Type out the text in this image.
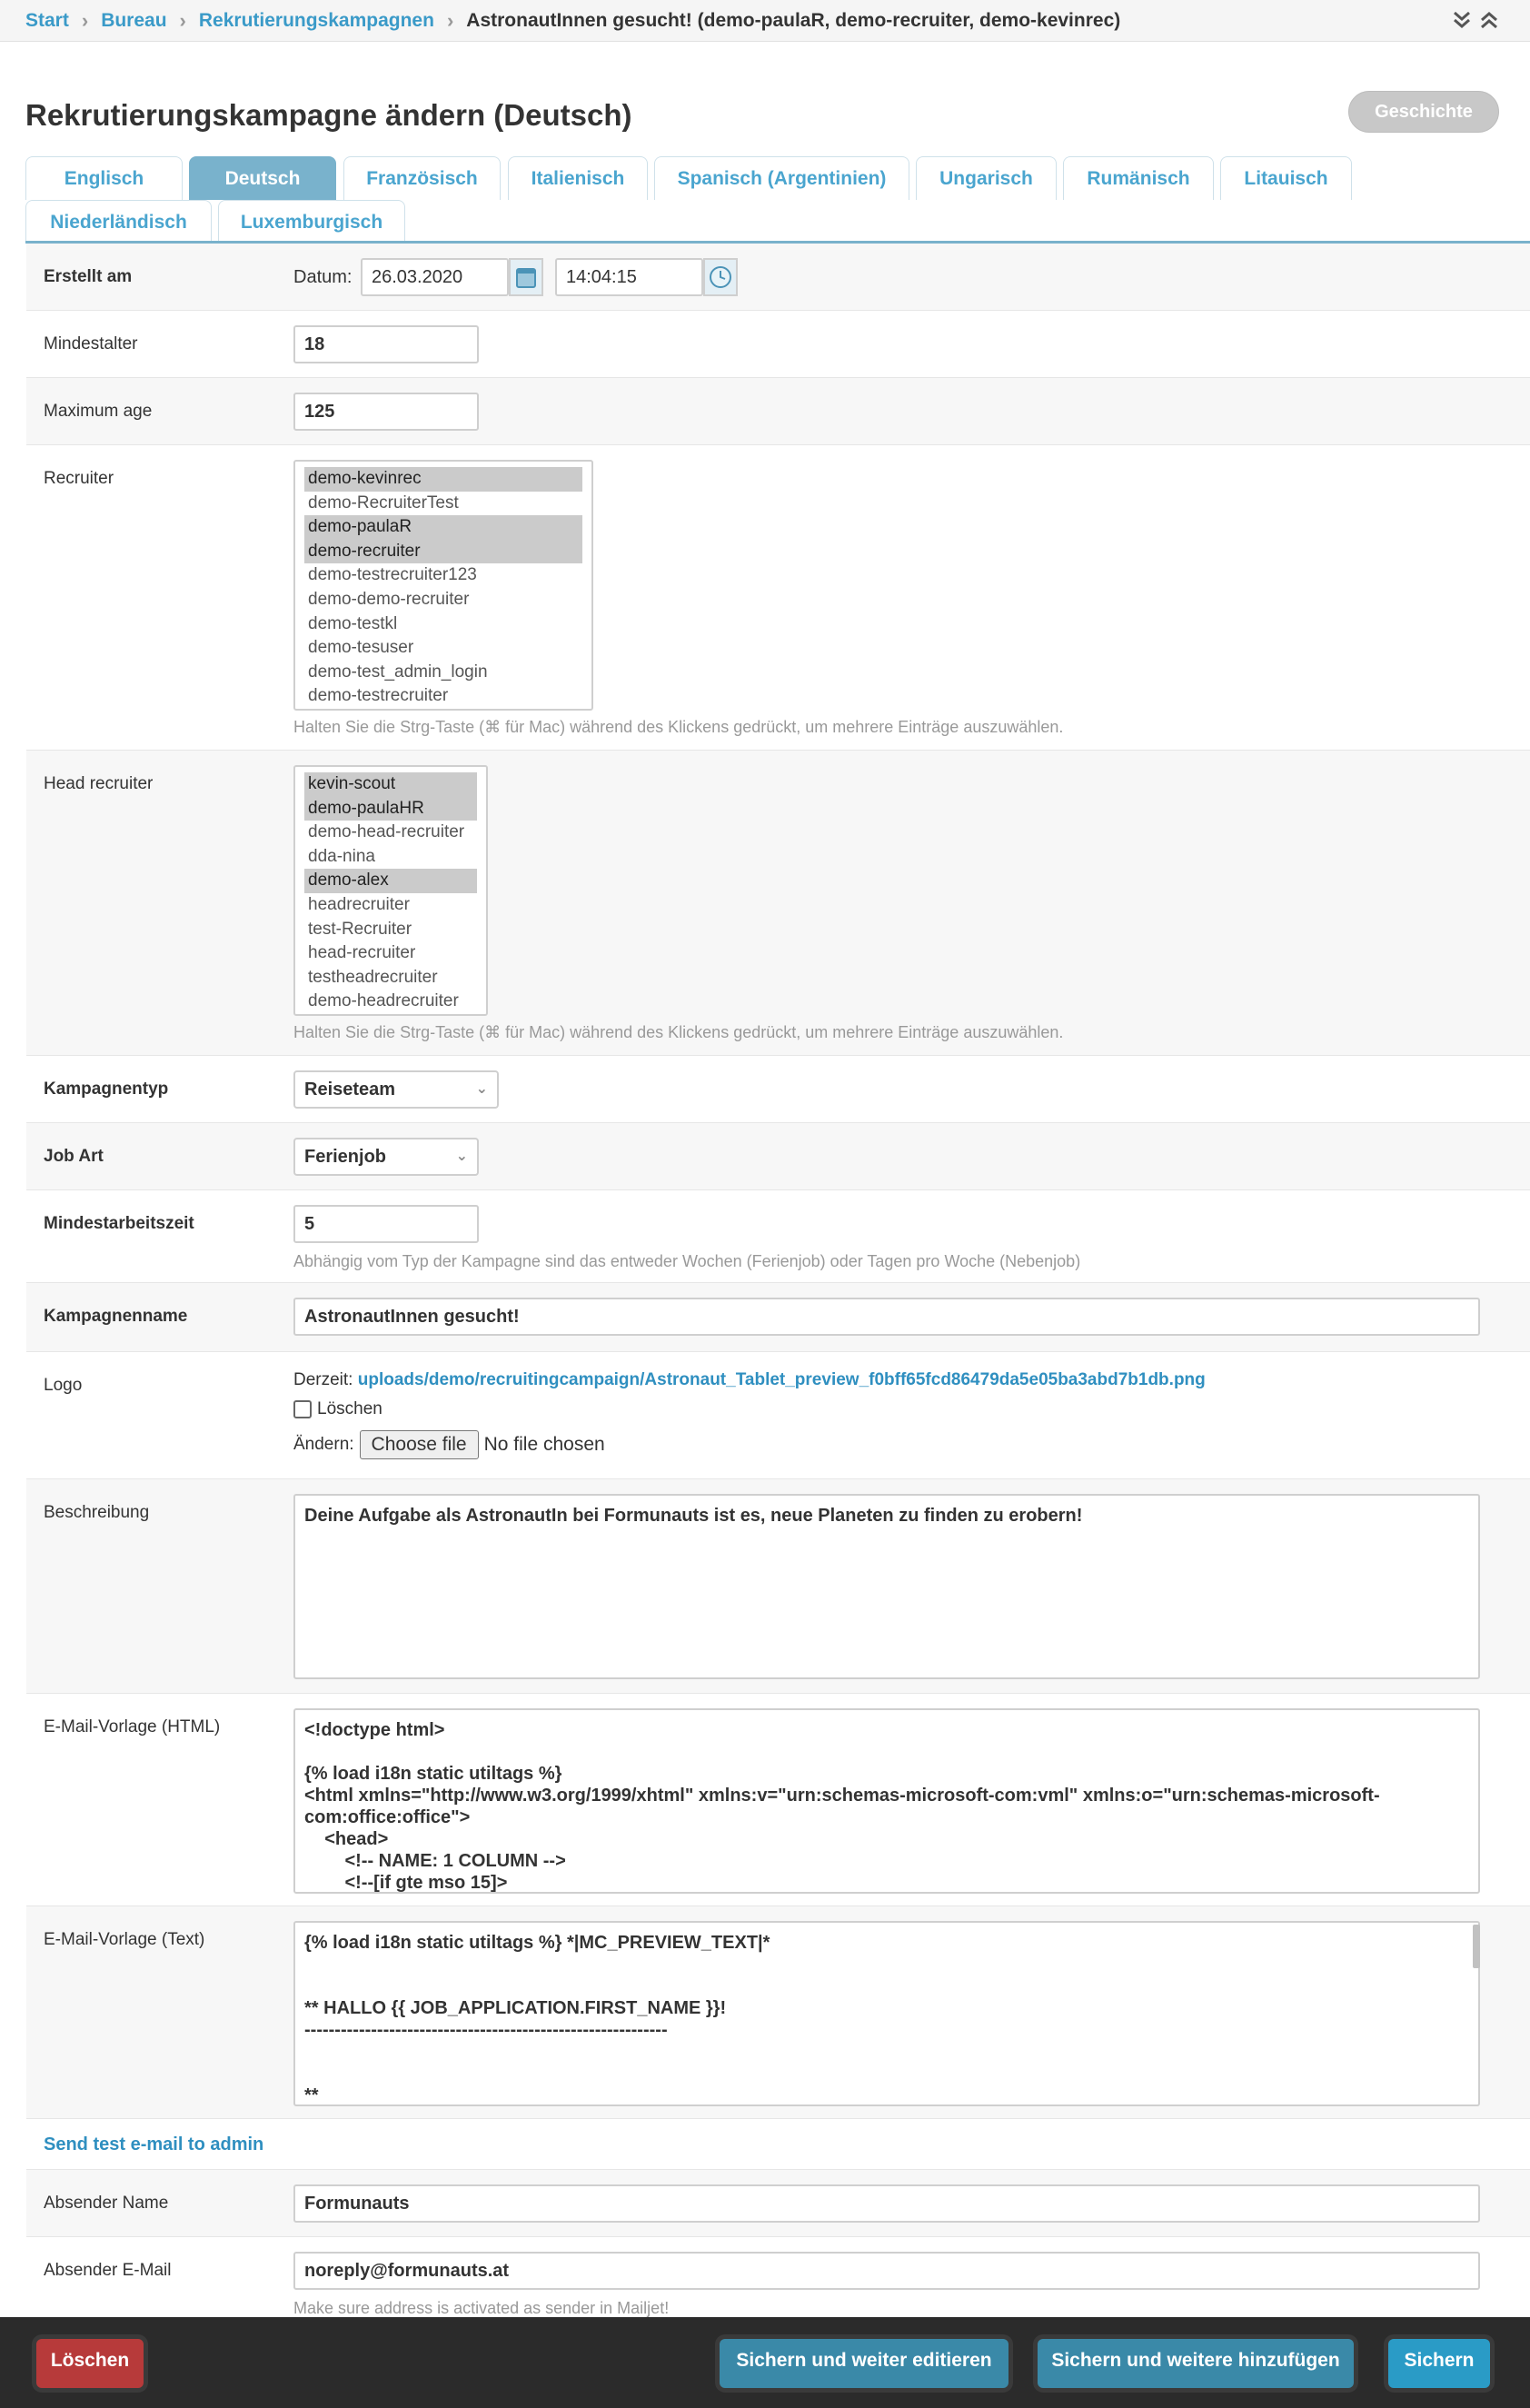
Start › Bureau › Rekrutierungskampagnen › AstronautInnen gesucht! (demo-paulaR, demo-recruiter, demo-kevinrec)
Rekrutierungskampagne ändern (Deutsch)	Geschichte
Englisch	Deutsch	Französisch	Italienisch	Spanisch (Argentinien)	Ungarisch	Rumänisch	Litauisch
Niederländisch	Luxemburgisch
Erstellt am	Datum:	26.03.2020	14:04:15
Mindestalter	18
Maximum age	125
Recruiter	demo-kevinrec
demo-RecruiterTest
demo-paulaR
demo-recruiter
demo-testrecruiter123
demo-demo-recruiter
demo-testkl
demo-tesuser
demo-test_admin_login
demo-testrecruiter
Halten Sie die Strg-Taste (⌘ für Mac) während des Klickens gedrückt, um mehrere Einträge auszuwählen.
Head recruiter	kevin-scout
demo-paulaHR
demo-head-recruiter
dda-nina
demo-alex
headrecruiter
test-Recruiter
head-recruiter
testheadrecruiter
demo-headrecruiter
Halten Sie die Strg-Taste (⌘ für Mac) während des Klickens gedrückt, um mehrere Einträge auszuwählen.
Kampagnentyp	Reiseteam	⌄
Job Art	Ferienjob	⌄
Mindestarbeitszeit	5
Abhängig vom Typ der Kampagne sind das entweder Wochen (Ferienjob) oder Tagen pro Woche (Nebenjob)
Kampagnenname	AstronautInnen gesucht!
Logo	Derzeit: uploads/demo/recruitingcampaign/Astronaut_Tablet_preview_f0bff65fcd86479da5e05ba3abd7b1db.png
Löschen
Ändern: Choose file No file chosen
Beschreibung	Deine Aufgabe als AstronautIn bei Formunauts ist es, neue Planeten zu finden zu erobern!
E-Mail-Vorlage (HTML)	<!doctype html>

{% load i18n static utiltags %}
<html xmlns="http://www.w3.org/1999/xhtml" xmlns:v="urn:schemas-microsoft-com:vml" xmlns:o="urn:schemas-microsoft-com:office:office">
<head>
<!-- NAME: 1 COLUMN -->
<!--[if gte mso 15]>
E-Mail-Vorlage (Text)	{% load i18n static utiltags %} *|MC_PREVIEW_TEXT|*

** HALLO {{ JOB_APPLICATION.FIRST_NAME }}!
------------------------------------------------------------

**
Send test e-mail to admin
Absender Name	Formunauts
Absender E-Mail	noreply@formunauts.at
Make sure address is activated as sender in Mailjet!
Löschen	Sichern und weiter editieren	Sichern und weitere hinzufügen	Sichern
